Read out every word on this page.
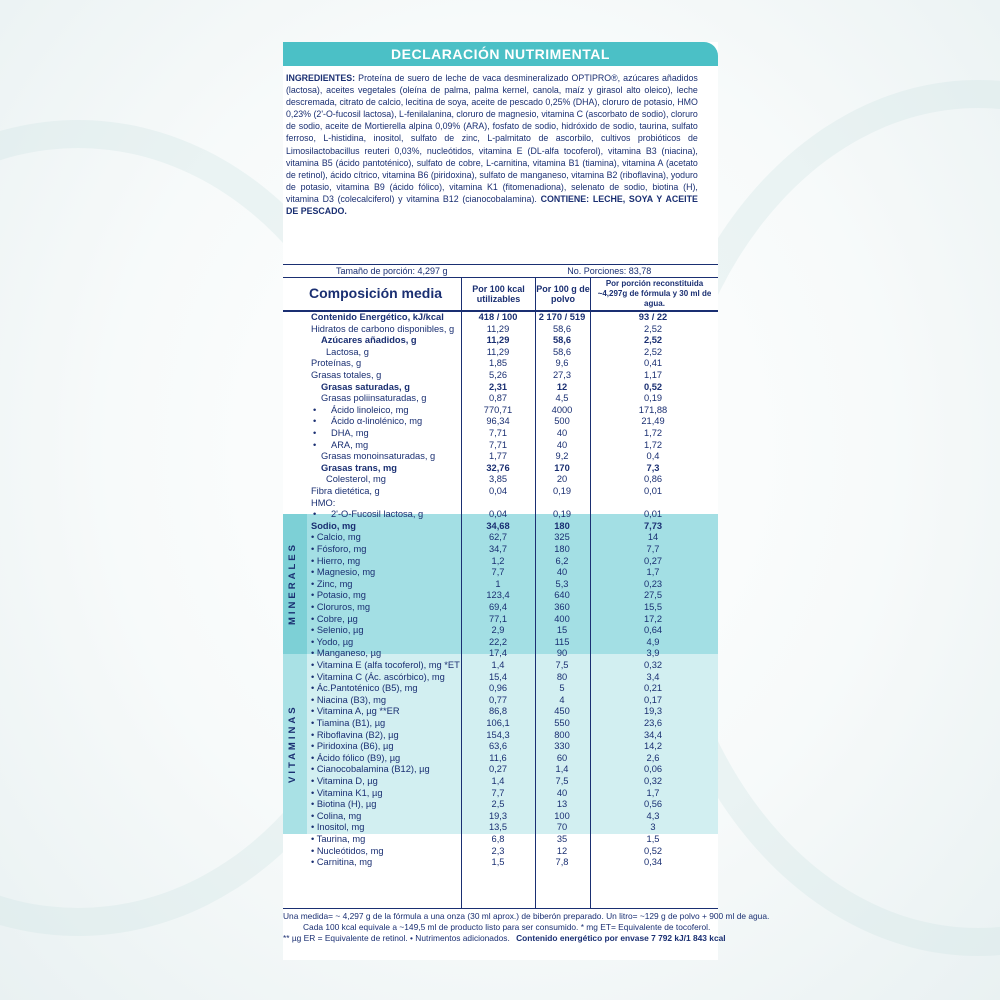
DECLARACIÓN NUTRIMENTAL
INGREDIENTES: Proteína de suero de leche de vaca desmineralizado OPTIPRO®, azúcares añadidos (lactosa), aceites vegetales (oleína de palma, palma kernel, canola, maíz y girasol alto oleico), leche descremada, citrato de calcio, lecitina de soya, aceite de pescado 0,25% (DHA), cloruro de potasio, HMO 0,23% (2'-O-fucosil lactosa), L-fenilalanina, cloruro de magnesio, vitamina C (ascorbato de sodio), cloruro de sodio, aceite de Mortierella alpina 0,09% (ARA), fosfato de sodio, hidróxido de sodio, taurina, sulfato ferroso, L-histidina, inositol, sulfato de zinc, L-palmitato de ascorbilo, cultivos probióticos de Limosilactobacillus reuteri 0,03%, nucleótidos, vitamina E (DL-alfa tocoferol), vitamina B3 (niacina), vitamina B5 (ácido pantoténico), sulfato de cobre, L-carnitina, vitamina B1 (tiamina), vitamina A (acetato de retinol), ácido cítrico, vitamina B6 (piridoxina), sulfato de manganeso, vitamina B2 (riboflavina), yoduro de potasio, vitamina B9 (ácido fólico), vitamina K1 (fitomenadiona), selenato de sodio, biotina (H), vitamina D3 (colecalciferol) y vitamina B12 (cianocobalamina). CONTIENE: LECHE, SOYA Y ACEITE DE PESCADO.
Tamaño de porción: 4,297 g	No. Porciones: 83,78
Composición media	Por 100 kcal utilizables
Por 100 g de polvo
Por porción reconstituida ~4,297g de fórmula y 30 ml de agua.
MINERALES
VITAMINAS
Contenido Energético, kJ/kcal	418 / 100	2 170 / 519	93 / 22
Hidratos de carbono disponibles, g	11,29	58,6	2,52
Azúcares añadidos, g	11,29	58,6	2,52
Lactosa, g	11,29	58,6	2,52
Proteínas, g	1,85	9,6	0,41
Grasas totales, g	5,26	27,3	1,17
Grasas saturadas, g	2,31	12	0,52
Grasas poliinsaturadas, g	0,87	4,5	0,19
• Ácido linoleico, mg	770,71	4000	171,88
• Ácido α-linolénico, mg	96,34	500	21,49
• DHA, mg	7,71	40	1,72
• ARA, mg	7,71	40	1,72
Grasas monoinsaturadas, g	1,77	9,2	0,4
Grasas trans, mg	32,76	170	7,3
Colesterol, mg	3,85	20	0,86
Fibra dietética, g	0,04	0,19	0,01
HMO:
• 2'-O-Fucosil lactosa, g	0,04	0,19	0,01
Sodio, mg	34,68	180	7,73
• Calcio, mg	62,7	325	14
• Fósforo, mg	34,7	180	7,7
• Hierro, mg	1,2	6,2	0,27
• Magnesio, mg	7,7	40	1,7
• Zinc, mg	1	5,3	0,23
• Potasio, mg	123,4	640	27,5
• Cloruros, mg	69,4	360	15,5
• Cobre, µg	77,1	400	17,2
• Selenio, µg	2,9	15	0,64
• Yodo, µg	22,2	115	4,9
• Manganeso, µg	17,4	90	3,9
• Vitamina E (alfa tocoferol), mg *ET	1,4	7,5	0,32
• Vitamina C (Ác. ascórbico), mg	15,4	80	3,4
• Ác.Pantoténico (B5), mg	0,96	5	0,21
• Niacina (B3), mg	0,77	4	0,17
• Vitamina A, µg **ER	86,8	450	19,3
• Tiamina (B1), µg	106,1	550	23,6
• Riboflavina (B2), µg	154,3	800	34,4
• Piridoxina (B6), µg	63,6	330	14,2
• Ácido fólico (B9), µg	11,6	60	2,6
• Cianocobalamina (B12), µg	0,27	1,4	0,06
• Vitamina D, µg	1,4	7,5	0,32
• Vitamina K1, µg	7,7	40	1,7
• Biotina (H), µg	2,5	13	0,56
• Colina, mg	19,3	100	4,3
• Inositol, mg	13,5	70	3
• Taurina, mg	6,8	35	1,5
• Nucleótidos, mg	2,3	12	0,52
• Carnitina, mg	1,5	7,8	0,34
Una medida= ~ 4,297 g de la fórmula a una onza (30 ml aprox.) de biberón preparado. Un litro= ~129 g de polvo + 900 ml de agua.
Cada 100 kcal equivale a ~149,5 ml de producto listo para ser consumido. * mg ET= Equivalente de tocoferol.
** µg ER = Equivalente de retinol. • Nutrimentos adicionados. Contenido energético por envase 7 792 kJ/1 843 kcal
